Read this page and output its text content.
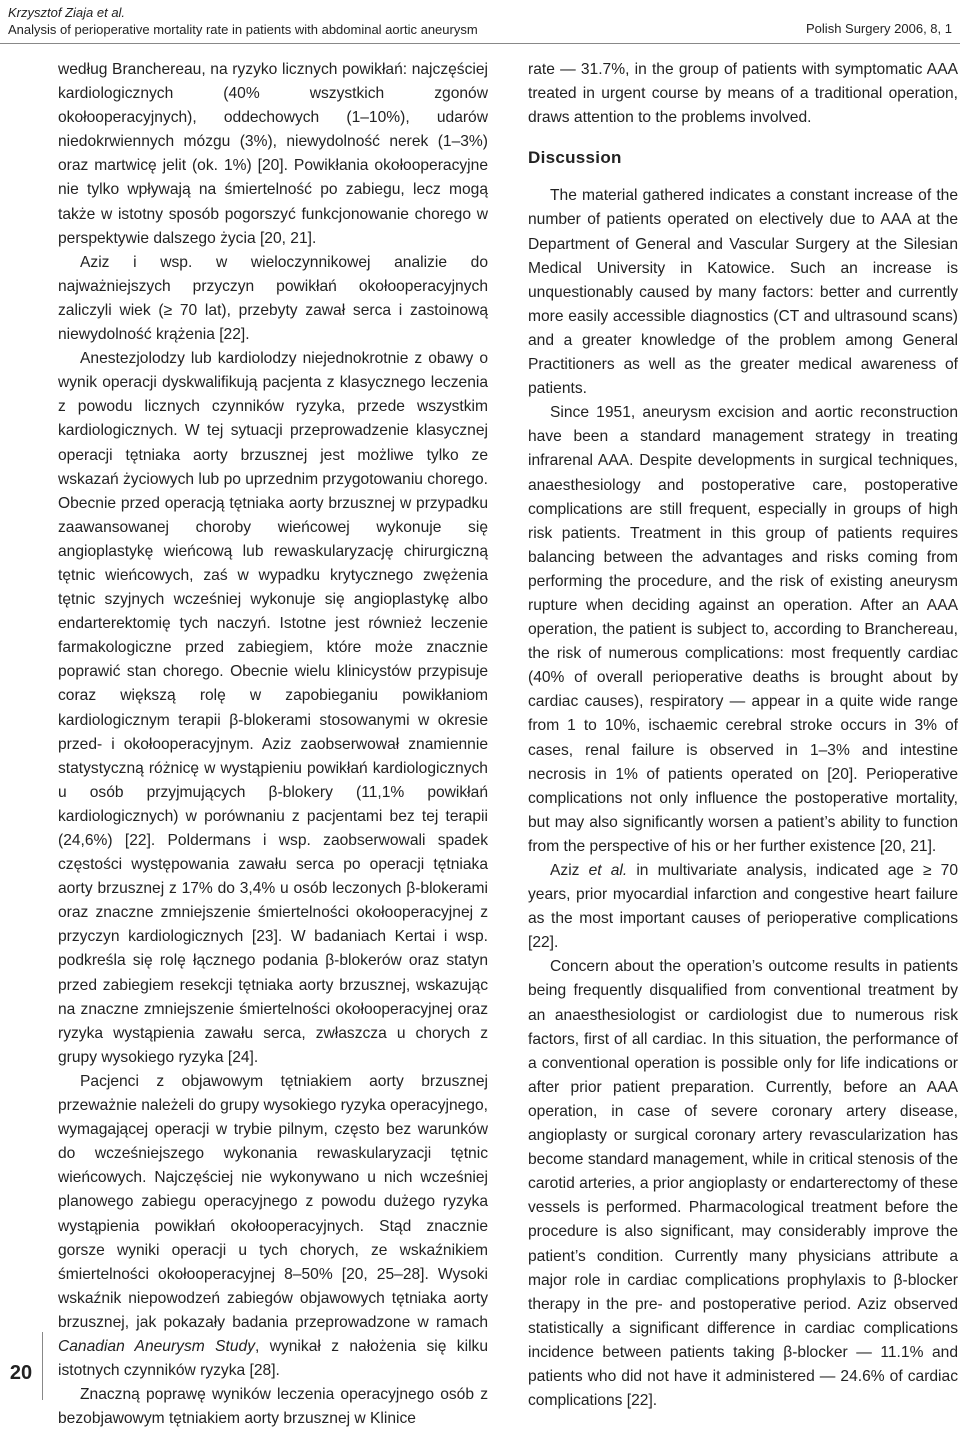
Krzysztof Ziaja et al.
Analysis of perioperative mortality rate in patients with abdominal aortic aneurysm	Polish Surgery 2006, 8, 1
20

według Branchereau, na ryzyko licznych powikłań: najczęściej kardiologicznych (40% wszystkich zgonów okołooperacyjnych), oddechowych (1–10%), udarów niedokrwiennych mózgu (3%), niewydolność nerek (1–3%) oraz martwicę jelit (ok. 1%) [20]. Powikłania okołooperacyjne nie tylko wpływają na śmiertelność po zabiegu, lecz mogą także w istotny sposób pogorszyć funkcjonowanie chorego w perspektywie dalszego życia [20, 21].

Aziz i wsp. w wieloczynnikowej analizie do najważniejszych przyczyn powikłań okołooperacyjnych zaliczyli wiek (≥ 70 lat), przebyty zawał serca i zastoinową niewydolność krążenia [22].

Anestezjolodzy lub kardiolodzy niejednokrotnie z obawy o wynik operacji dyskwalifikują pacjenta z klasycznego leczenia z powodu licznych czynników ryzyka, przede wszystkim kardiologicznych. W tej sytuacji przeprowadzenie klasycznej operacji tętniaka aorty brzusznej jest możliwe tylko ze wskazań życiowych lub po uprzednim przygotowaniu chorego. Obecnie przed operacją tętniaka aorty brzusznej w przypadku zaawansowanej choroby wieńcowej wykonuje się angioplastykę wieńcową lub rewaskularyzację chirurgiczną tętnic wieńcowych, zaś w wypadku krytycznego zwężenia tętnic szyjnych wcześniej wykonuje się angioplastykę albo endarterektomię tych naczyń. Istotne jest również leczenie farmakologiczne przed zabiegiem, które może znacznie poprawić stan chorego. Obecnie wielu klinicystów przypisuje coraz większą rolę w zapobieganiu powikłaniom kardiologicznym terapii β-blokerami stosowanymi w okresie przed- i okołooperacyjnym. Aziz zaobserwował znamiennie statystyczną różnicę w wystąpieniu powikłań kardiologicznych u osób przyjmujących β-blokery (11,1% powikłań kardiologicznych) w porównaniu z pacjentami bez tej terapii (24,6%) [22]. Poldermans i wsp. zaobserwowali spadek częstości występowania zawału serca po operacji tętniaka aorty brzusznej z 17% do 3,4% u osób leczonych β-blokerami oraz znaczne zmniejszenie śmiertelności okołooperacyjnej z przyczyn kardiologicznych [23]. W badaniach Kertai i wsp. podkreśla się rolę łącznego podania β-blokerów oraz statyn przed zabiegiem resekcji tętniaka aorty brzusznej, wskazując na znaczne zmniejszenie śmiertelności okołooperacyjnej oraz ryzyka wystąpienia zawału serca, zwłaszcza u chorych z grupy wysokiego ryzyka [24].

Pacjenci z objawowym tętniakiem aorty brzusznej przeważnie należeli do grupy wysokiego ryzyka operacyjnego, wymagającej operacji w trybie pilnym, często bez warunków do wcześniejszego wykonania rewaskularyzacji tętnic wieńcowych. Najczęściej nie wykonywano u nich wcześniej planowego zabiegu operacyjnego z powodu dużego ryzyka wystąpienia powikłań okołooperacyjnych. Stąd znacznie gorsze wyniki operacji u tych chorych, ze wskaźnikiem śmiertelności okołooperacyjnej 8–50% [20, 25–28]. Wysoki wskaźnik niepowodzeń zabiegów objawowych tętniaka aorty brzusznej, jak pokazały badania przeprowadzone w ramach Canadian Aneurysm Study, wynikał z nałożenia się kilku istotnych czynników ryzyka [28].

Znaczną poprawę wyników leczenia operacyjnego osób z bezobjawowym tętniakiem aorty brzusznej w Klinice

rate — 31.7%, in the group of patients with symptomatic AAA treated in urgent course by means of a traditional operation, draws attention to the problems involved.

Discussion

The material gathered indicates a constant increase of the number of patients operated on electively due to AAA at the Department of General and Vascular Surgery at the Silesian Medical University in Katowice. Such an increase is unquestionably caused by many factors: better and currently more easily accessible diagnostics (CT and ultrasound scans) and a greater knowledge of the problem among General Practitioners as well as the greater medical awareness of patients.

Since 1951, aneurysm excision and aortic reconstruction have been a standard management strategy in treating infrarenal AAA. Despite developments in surgical techniques, anaesthesiology and postoperative care, postoperative complications are still frequent, especially in groups of high risk patients. Treatment in this group of patients requires balancing between the advantages and risks coming from performing the procedure, and the risk of existing aneurysm rupture when deciding against an operation. After an AAA operation, the patient is subject to, according to Branchereau, the risk of numerous complications: most frequently cardiac (40% of overall perioperative deaths is brought about by cardiac causes), respiratory — appear in a quite wide range from 1 to 10%, ischaemic cerebral stroke occurs in 3% of cases, renal failure is observed in 1–3% and intestine necrosis in 1% of patients operated on [20]. Perioperative complications not only influence the postoperative mortality, but may also significantly worsen a patient’s ability to function from the perspective of his or her further existence [20, 21].

Aziz et al. in multivariate analysis, indicated age ≥ 70 years, prior myocardial infarction and congestive heart failure as the most important causes of perioperative complications [22].

Concern about the operation’s outcome results in patients being frequently disqualified from conventional treatment by an anaesthesiologist or cardiologist due to numerous risk factors, first of all cardiac. In this situation, the performance of a conventional operation is possible only for life indications or after prior patient preparation. Currently, before an AAA operation, in case of severe coronary artery disease, angioplasty or surgical coronary artery revascularization has become standard management, while in critical stenosis of the carotid arteries, a prior angioplasty or endarterectomy of these vessels is performed. Pharmacological treatment before the procedure is also significant, may considerably improve the patient’s condition. Currently many physicians attribute a major role in cardiac complications prophylaxis to β-blocker therapy in the pre- and postoperative period. Aziz observed statistically a significant difference in cardiac complications incidence between patients taking β-blocker — 11.1% and patients who did not have it administered — 24.6% of cardiac complications [22].
